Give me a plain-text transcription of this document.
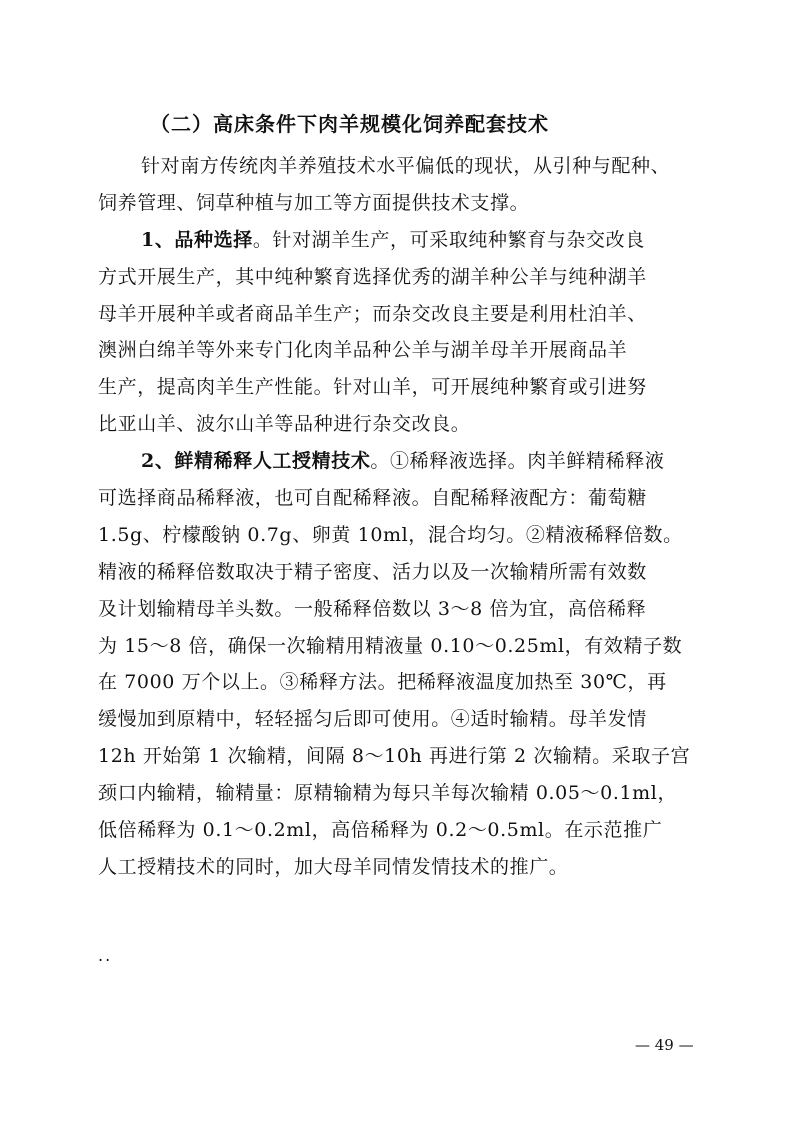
（二）高床条件下肉羊规模化饲养配套技术
针对南方传统肉羊养殖技术水平偏低的现状，从引种与配种、
饲养管理、饲草种植与加工等方面提供技术支撑。
1、品种选择。针对湖羊生产，可采取纯种繁育与杂交改良
方式开展生产，其中纯种繁育选择优秀的湖羊种公羊与纯种湖羊
母羊开展种羊或者商品羊生产；而杂交改良主要是利用杜泊羊、
澳洲白绵羊等外来专门化肉羊品种公羊与湖羊母羊开展商品羊
生产，提高肉羊生产性能。针对山羊，可开展纯种繁育或引进努
比亚山羊、波尔山羊等品种进行杂交改良。
2、鲜精稀释人工授精技术。①稀释液选择。肉羊鲜精稀释液
可选择商品稀释液，也可自配稀释液。自配稀释液配方：葡萄糖
1.5g、柠檬酸钠 0.7g、卵黄 10ml，混合均匀。②精液稀释倍数。
精液的稀释倍数取决于精子密度、活力以及一次输精所需有效数
及计划输精母羊头数。一般稀释倍数以 3～8 倍为宜，高倍稀释
为 15～8 倍，确保一次输精用精液量 0.10～0.25ml，有效精子数
在 7000 万个以上。③稀释方法。把稀释液温度加热至 30℃，再
缓慢加到原精中，轻轻摇匀后即可使用。④适时输精。母羊发情
12h 开始第 1 次输精，间隔 8～10h 再进行第 2 次输精。采取子宫
颈口内输精，输精量：原精输精为每只羊每次输精 0.05～0.1ml，
低倍稀释为 0.1～0.2ml，高倍稀释为 0.2～0.5ml。在示范推广
人工授精技术的同时，加大母羊同情发情技术的推广。
..
— 49 —
